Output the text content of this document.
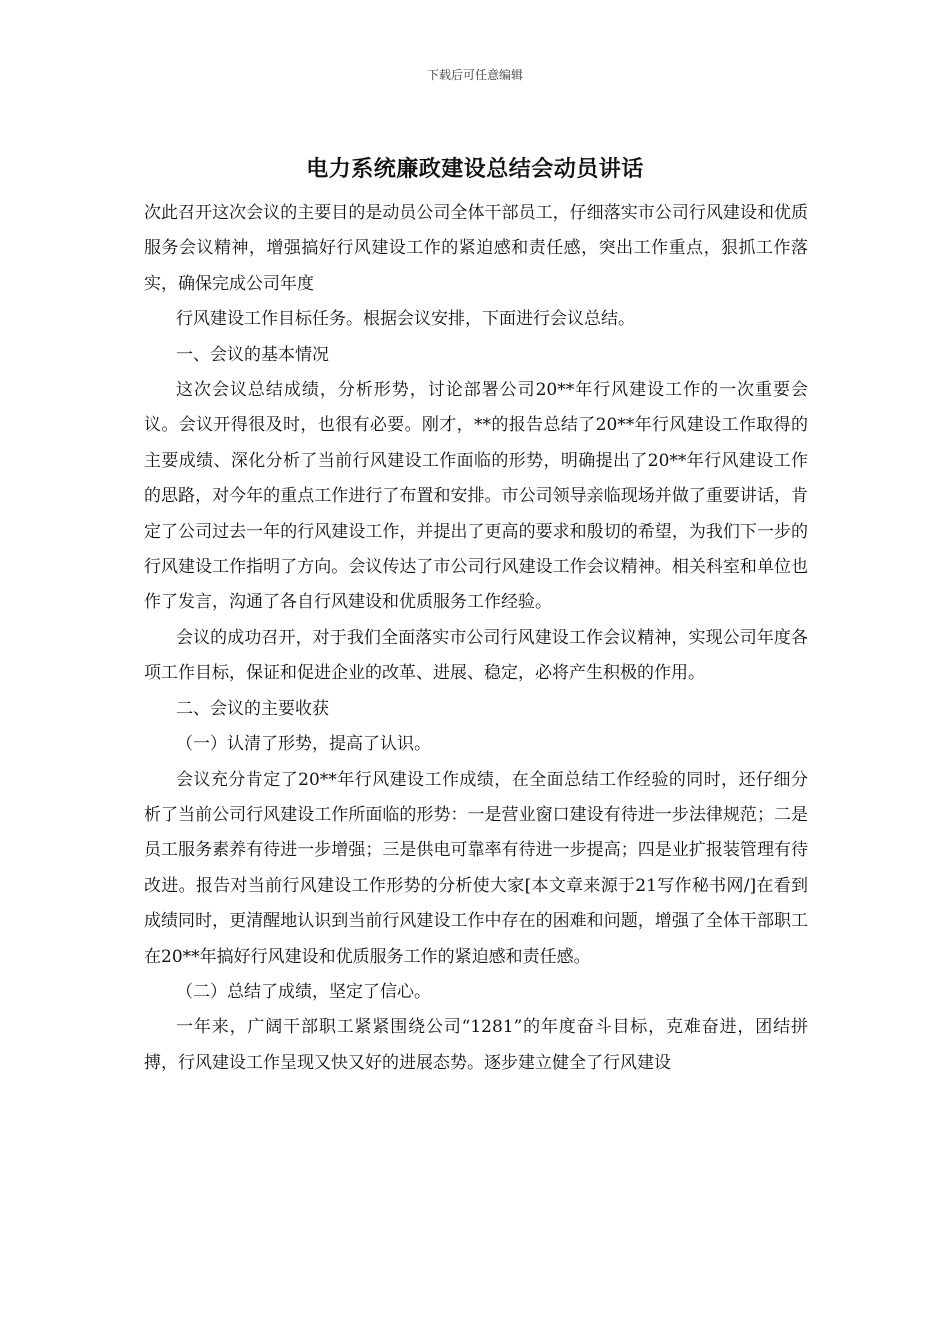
下载后可任意编辑
电力系统廉政建设总结会动员讲话

次此召开这次会议的主要目的是动员公司全体干部员工，仔细落实市公司行风建设和优质服务会议精神，增强搞好行风建设工作的紧迫感和责任感，突出工作重点，狠抓工作落实，确保完成公司年度

行风建设工作目标任务。根据会议安排，下面进行会议总结。

一、会议的基本情况

这次会议总结成绩，分析形势，讨论部署公司20**年行风建设工作的一次重要会议。会议开得很及时，也很有必要。刚才，**的报告总结了20**年行风建设工作取得的主要成绩、深化分析了当前行风建设工作面临的形势，明确提出了20**年行风建设工作的思路，对今年的重点工作进行了布置和安排。市公司领导亲临现场并做了重要讲话，肯定了公司过去一年的行风建设工作，并提出了更高的要求和殷切的希望，为我们下一步的行风建设工作指明了方向。会议传达了市公司行风建设工作会议精神。相关科室和单位也作了发言，沟通了各自行风建设和优质服务工作经验。

会议的成功召开，对于我们全面落实市公司行风建设工作会议精神，实现公司年度各项工作目标，保证和促进企业的改革、进展、稳定，必将产生积极的作用。

二、会议的主要收获

（一）认清了形势，提高了认识。

会议充分肯定了20**年行风建设工作成绩，在全面总结工作经验的同时，还仔细分析了当前公司行风建设工作所面临的形势：一是营业窗口建设有待进一步法律规范；二是员工服务素养有待进一步增强；三是供电可靠率有待进一步提高；四是业扩报装管理有待改进。报告对当前行风建设工作形势的分析使大家[本文章来源于21写作秘书网/]在看到成绩同时，更清醒地认识到当前行风建设工作中存在的困难和问题，增强了全体干部职工在20**年搞好行风建设和优质服务工作的紧迫感和责任感。

（二）总结了成绩，坚定了信心。

一年来，广阔干部职工紧紧围绕公司“1281”的年度奋斗目标，克难奋进，团结拼搏，行风建设工作呈现又快又好的进展态势。逐步建立健全了行风建设
